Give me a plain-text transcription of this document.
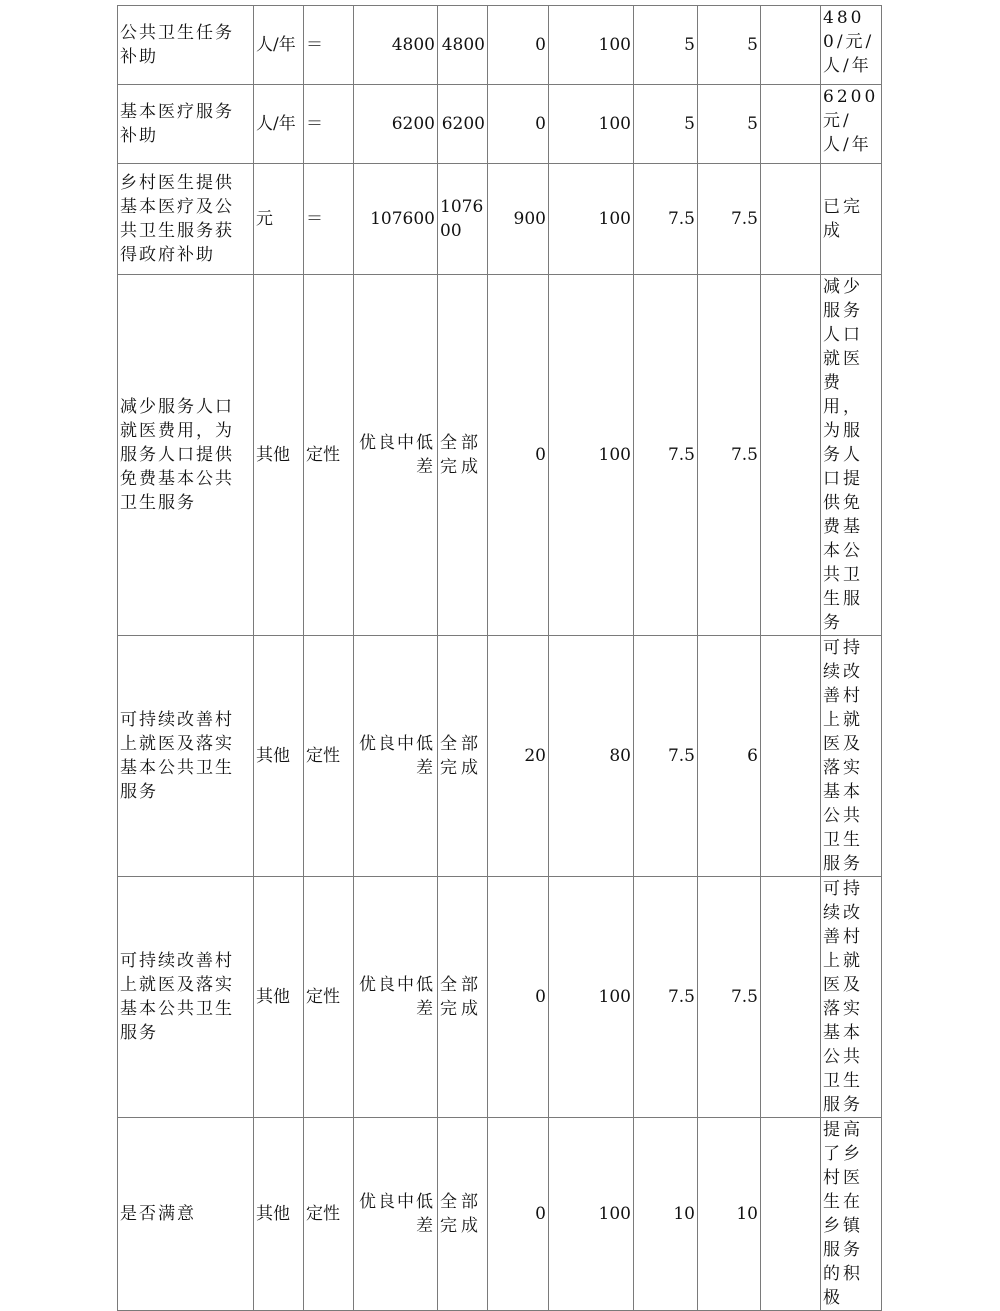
公共卫生任务补助	人/年	＝	4800	4800	0	100	5	5		4800/元/人/年
基本医疗服务补助	人/年	＝	6200	6200	0	100	5	5		6200元/人/年
乡村医生提供基本医疗及公共卫生服务获得政府补助	元	＝	107600	107600	900	100	7.5	7.5		已完成
减少服务人口就医费用，为服务人口提供免费基本公共卫生服务	其他	定性	优良中低差	全部完成	0	100	7.5	7.5		减少服务人口就医费用，为服务人口提供免费基本公共卫生服务
可持续改善村上就医及落实基本公共卫生服务	其他	定性	优良中低差	全部完成	20	80	7.5	6		可持续改善村上就医及落实基本公共卫生服务
可持续改善村上就医及落实基本公共卫生服务	其他	定性	优良中低差	全部完成	0	100	7.5	7.5		可持续改善村上就医及落实基本公共卫生服务
是否满意	其他	定性	优良中低差	全部完成	0	100	10	10		提高了乡村医生在乡镇服务的积极
